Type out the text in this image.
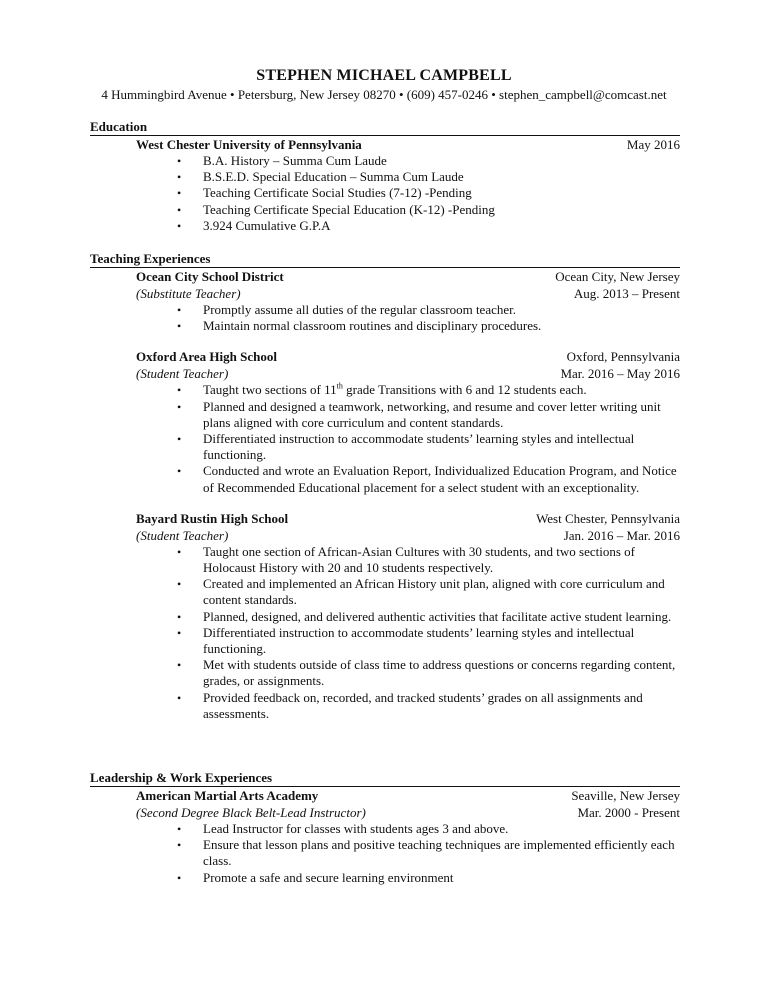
STEPHEN MICHAEL CAMPBELL
4 Hummingbird Avenue • Petersburg, New Jersey 08270 • (609) 457-0246 • stephen_campbell@comcast.net
Education
West Chester University of Pennsylvania	May 2016
• B.A. History – Summa Cum Laude
• B.S.E.D. Special Education – Summa Cum Laude
• Teaching Certificate Social Studies (7-12) -Pending
• Teaching Certificate Special Education (K-12) -Pending
• 3.924 Cumulative G.P.A
Teaching Experiences
Ocean City School District	Ocean City, New Jersey
(Substitute Teacher)	Aug. 2013 – Present
• Promptly assume all duties of the regular classroom teacher.
• Maintain normal classroom routines and disciplinary procedures.
Oxford Area High School	Oxford, Pennsylvania
(Student Teacher)	Mar. 2016 – May 2016
• Taught two sections of 11th grade Transitions with 6 and 12 students each.
• Planned and designed a teamwork, networking, and resume and cover letter writing unit plans aligned with core curriculum and content standards.
• Differentiated instruction to accommodate students’ learning styles and intellectual functioning.
• Conducted and wrote an Evaluation Report, Individualized Education Program, and Notice of Recommended Educational placement for a select student with an exceptionality.
Bayard Rustin High School	West Chester, Pennsylvania
(Student Teacher)	Jan. 2016 – Mar. 2016
• Taught one section of African-Asian Cultures with 30 students, and two sections of Holocaust History with 20 and 10 students respectively.
• Created and implemented an African History unit plan, aligned with core curriculum and content standards.
• Planned, designed, and delivered authentic activities that facilitate active student learning.
• Differentiated instruction to accommodate students’ learning styles and intellectual functioning.
• Met with students outside of class time to address questions or concerns regarding content, grades, or assignments.
• Provided feedback on, recorded, and tracked students’ grades on all assignments and assessments.
Leadership & Work Experiences
American Martial Arts Academy	Seaville, New Jersey
(Second Degree Black Belt-Lead Instructor)	Mar. 2000 - Present
• Lead Instructor for classes with students ages 3 and above.
• Ensure that lesson plans and positive teaching techniques are implemented efficiently each class.
• Promote a safe and secure learning environment
